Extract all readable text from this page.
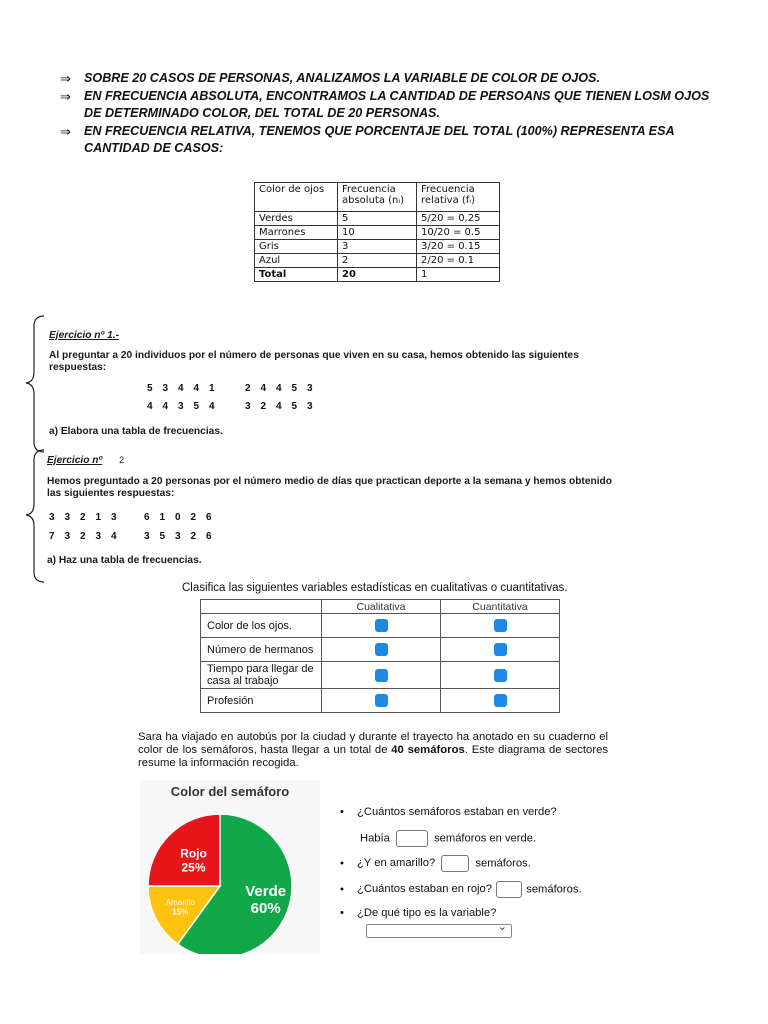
⇒	SOBRE 20 CASOS DE PERSONAS, ANALIZAMOS LA VARIABLE DE COLOR DE OJOS.
⇒	EN FRECUENCIA ABSOLUTA, ENCONTRAMOS LA CANTIDAD DE PERSOANS QUE TIENEN LOSM OJOS DE DETERMINADO COLOR, DEL TOTAL DE 20 PERSONAS.
⇒	EN FRECUENCIA RELATIVA, TENEMOS QUE PORCENTAJE DEL TOTAL (100%) REPRESENTA ESA CANTIDAD DE CASOS:
Color de ojos	Frecuencia absoluta (nᵢ)	Frecuencia relativa (fᵢ)
Verdes	5	5/20 = 0.25
Marrones	10	10/20 = 0.5
Gris	3	3/20 = 0.15
Azul	2	2/20 = 0.1
Total	20	1
Ejercicio nº 1.-
Al preguntar a 20 individuos por el número de personas que viven en su casa, hemos obtenido las siguientes respuestas:
5 3 4 4 1	2 4 4 5 3
4 4 3 5 4	3 2 4 5 3
a) Elabora una tabla de frecuencias.
Ejercicio nº 2
Hemos preguntado a 20 personas por el número medio de días que practican deporte a la semana y hemos obtenido las siguientes respuestas:
3 3 2 1 3	6 1 0 2 6
7 3 2 3 4	3 5 3 2 6
a) Haz una tabla de frecuencias.
Clasifica las siguientes variables estadísticas en cualitativas o cuantitativas.
	Cualitativa	Cuantitativa
Color de los ojos.		
Número de hermanos		
Tiempo para llegar de casa al trabajo		
Profesión		
Sara ha viajado en autobús por la ciudad y durante el trayecto ha anotado en su cuaderno el color de los semáforos, hasta llegar a un total de 40 semáforos. Este diagrama de sectores resume la información recogida.
Color del semáforo
Rojo
25%
Verde
60%
Amarillo
15%
• ¿Cuántos semáforos estaban en verde?
Había	semáforos en verde.
• ¿Y en amarillo?	semáforos.
• ¿Cuántos estaban en rojo?	semáforos.
• ¿De qué tipo es la variable?
⌄
